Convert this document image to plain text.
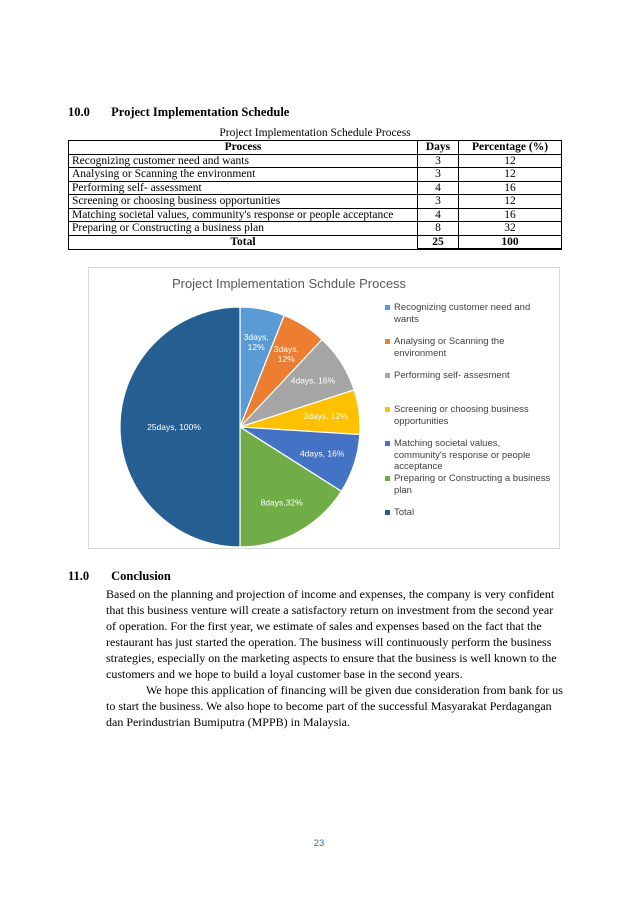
10.0 Project Implementation Schedule
Project Implementation Schedule Process
Process	Days	Percentage (%)
Recognizing customer need and wants	3	12
Analysing or Scanning the environment	3	12
Performing self- assessment	4	16
Screening or choosing business opportunities	3	12
Matching societal values, community's response or people acceptance	4	16
Preparing or Constructing a business plan	8	32
Total	25	100
Project Implementation Schdule Process
3days, 12%	3days, 12%
4days, 16%
3days, 12%
4days, 16%
8days,32%
25days, 100%
Recognizing customer need and wants
Analysing or Scanning the environment
Performing self- assesment
Screening or choosing business opportunities
Matching societal values, community's response or people acceptance
Preparing or Constructing a business plan
Total
11.0 Conclusion

Based on the planning and projection of income and expenses, the company is very confident that this business venture will create a satisfactory return on investment from the second year of operation. For the first year, we estimate of sales and expenses based on the fact that the restaurant has just started the operation. The business will continuously perform the business strategies, especially on the marketing aspects to ensure that the business is well known to the customers and we hope to build a loyal customer base in the second years.

We hope this application of financing will be given due consideration from bank for us to start the business. We also hope to become part of the successful Masyarakat Perdagangan dan Perindustrian Bumiputra (MPPB) in Malaysia.

23
